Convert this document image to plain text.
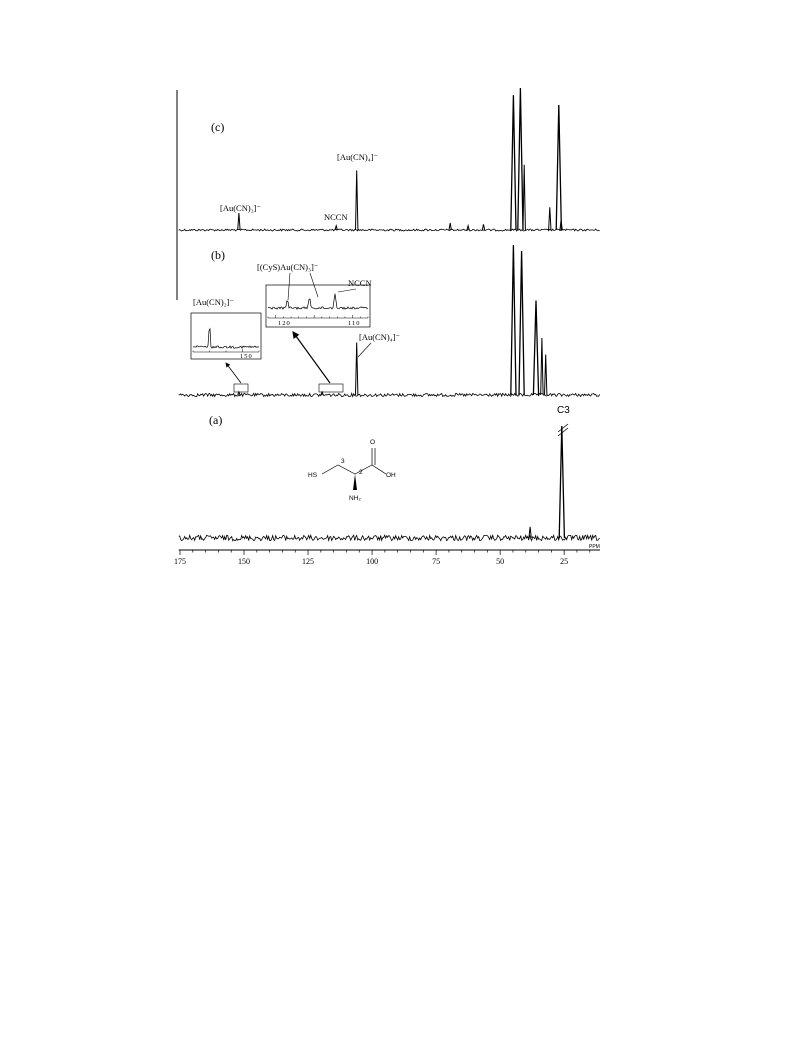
(c)
(b)
(a)
[Au(CN)₂]⁻
NCCN
[Au(CN)₄]⁻
[Au(CN)₄]⁻
[Au(CN)₂]⁻
150
[(CyS)Au(CN)₃]⁻
NCCN
120	110
175	150	125	100	75	50	25
PPM
C3
HS
3
2
O
OH
NH₂
